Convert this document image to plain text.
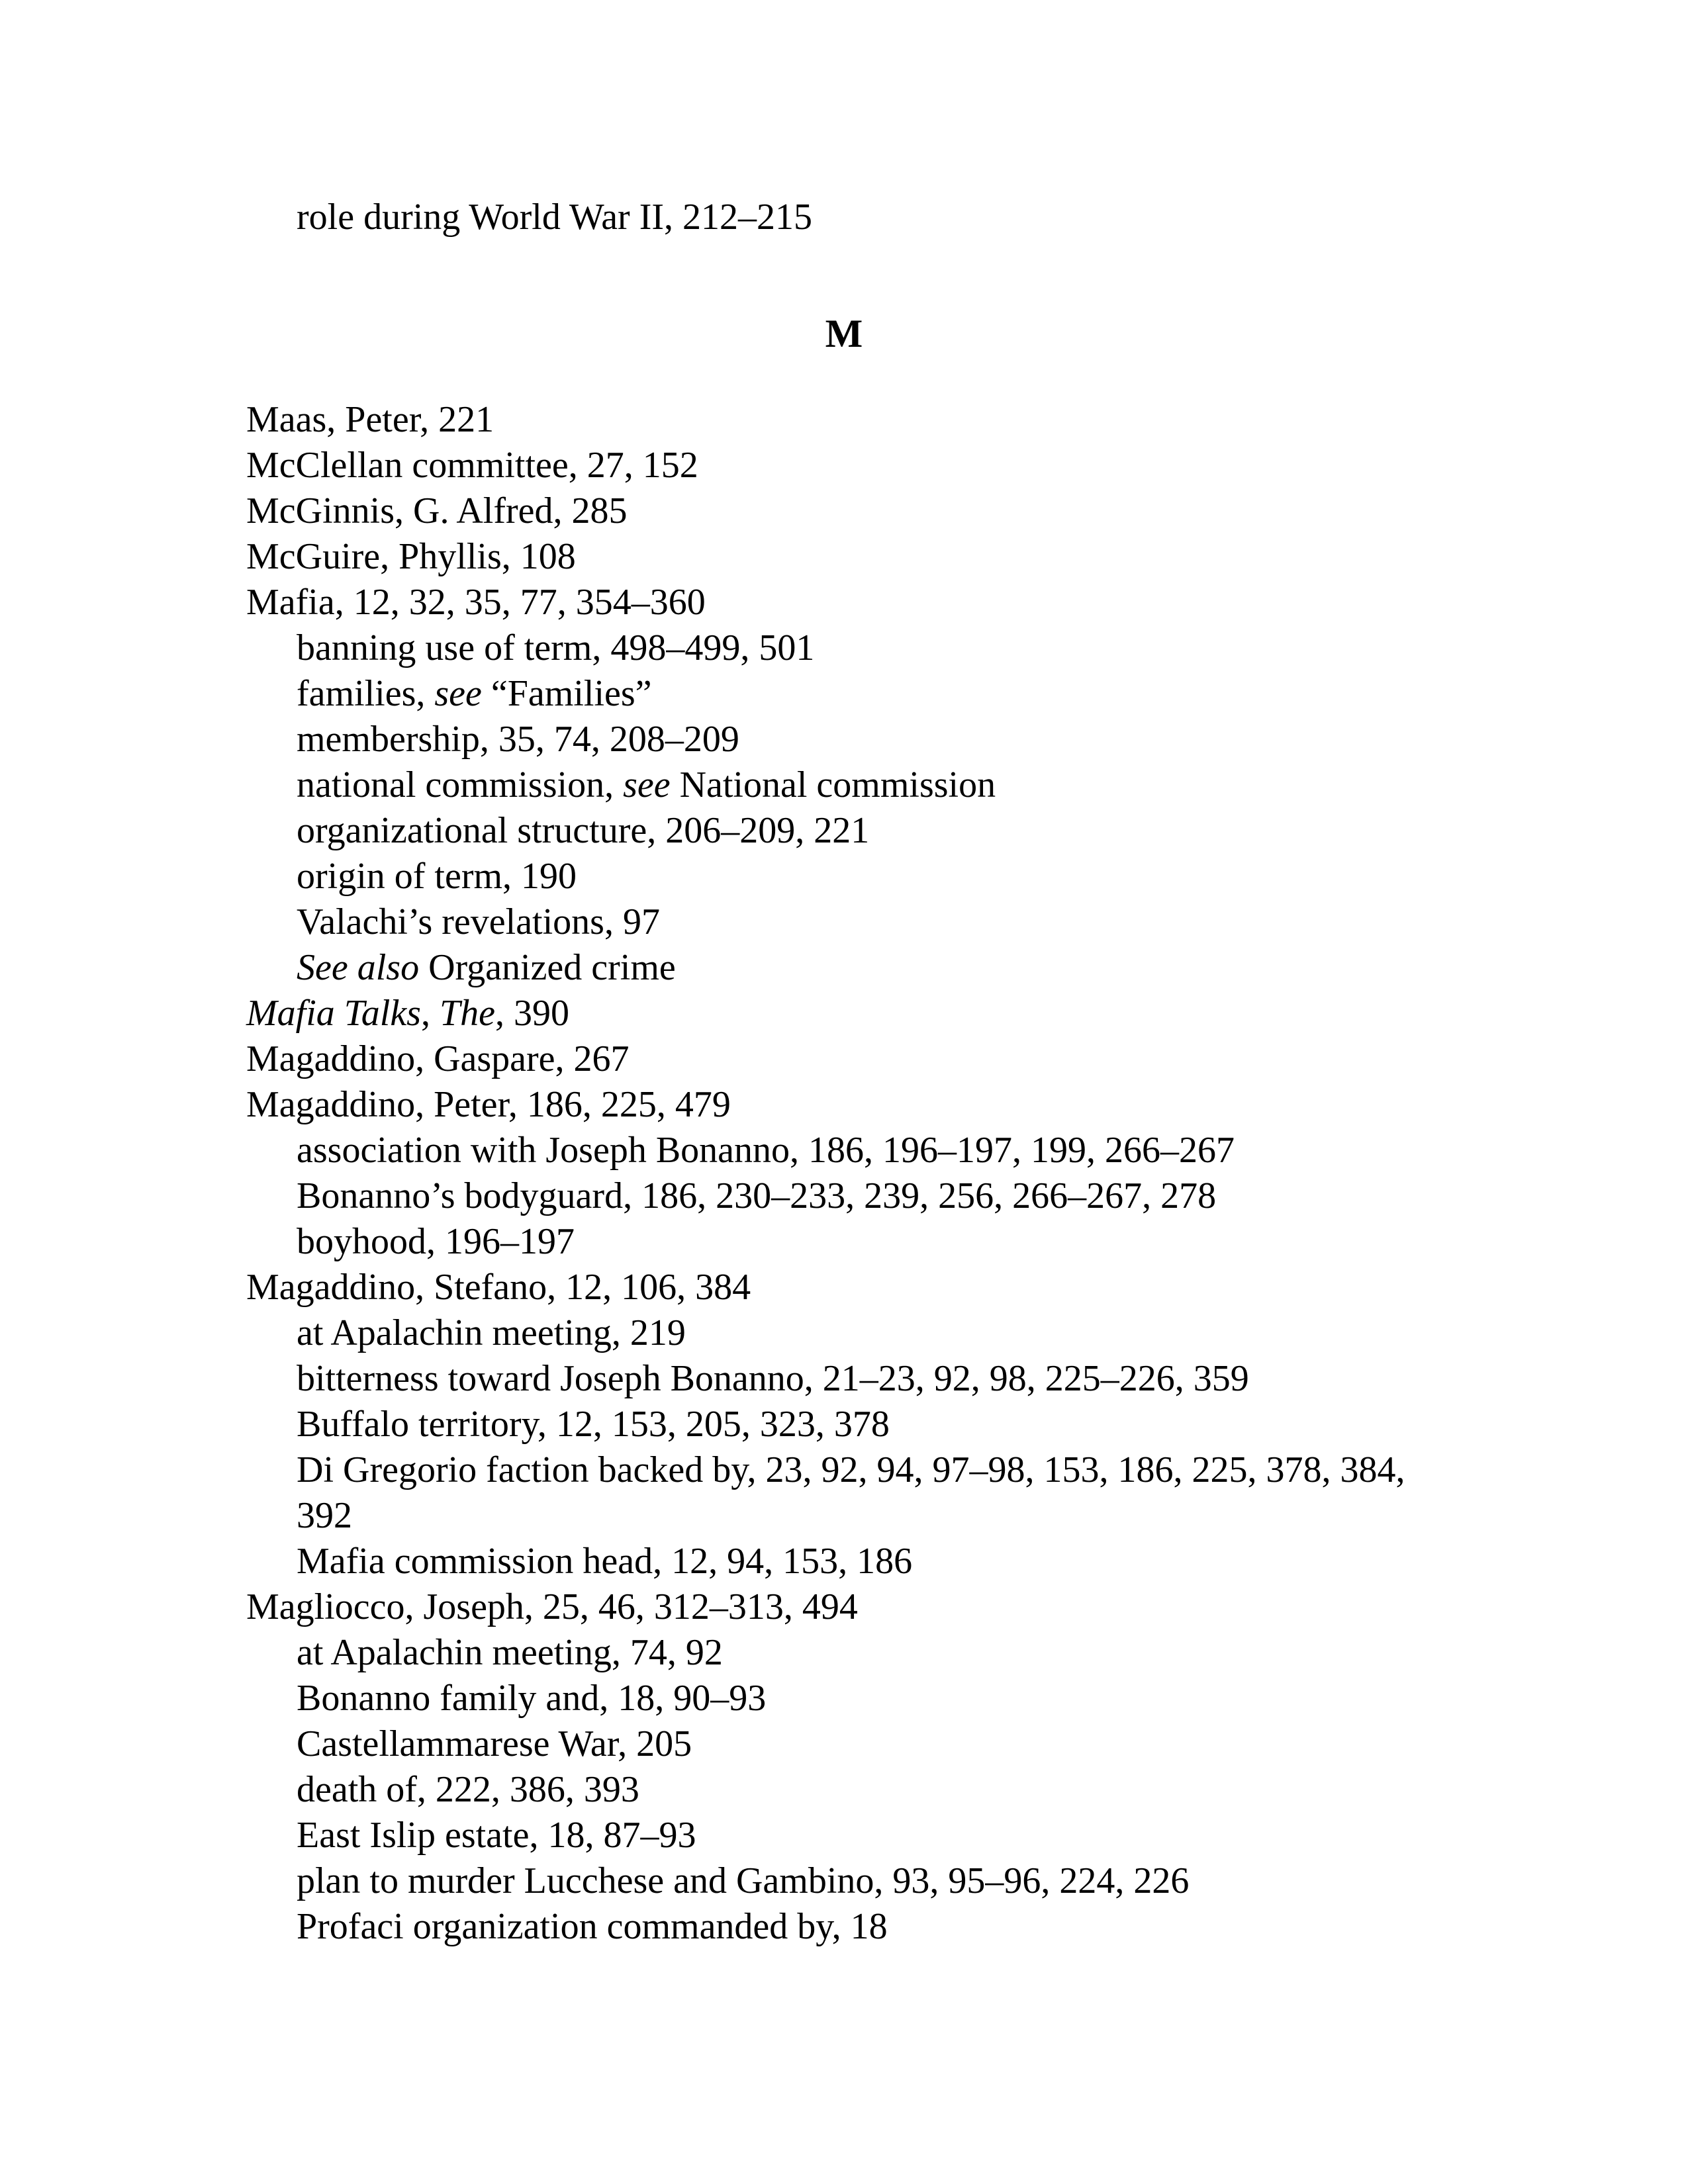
role during World War II, 212–215
M
Maas, Peter, 221
McClellan committee, 27, 152
McGinnis, G. Alfred, 285
McGuire, Phyllis, 108
Mafia, 12, 32, 35, 77, 354–360
banning use of term, 498–499, 501
families, see “Families”
membership, 35, 74, 208–209
national commission, see National commission
organizational structure, 206–209, 221
origin of term, 190
Valachi’s revelations, 97
See also Organized crime
Mafia Talks, The, 390
Magaddino, Gaspare, 267
Magaddino, Peter, 186, 225, 479
association with Joseph Bonanno, 186, 196–197, 199, 266–267
Bonanno’s bodyguard, 186, 230–233, 239, 256, 266–267, 278
boyhood, 196–197
Magaddino, Stefano, 12, 106, 384
at Apalachin meeting, 219
bitterness toward Joseph Bonanno, 21–23, 92, 98, 225–226, 359
Buffalo territory, 12, 153, 205, 323, 378
Di Gregorio faction backed by, 23, 92, 94, 97–98, 153, 186, 225, 378, 384,
392
Mafia commission head, 12, 94, 153, 186
Magliocco, Joseph, 25, 46, 312–313, 494
at Apalachin meeting, 74, 92
Bonanno family and, 18, 90–93
Castellammarese War, 205
death of, 222, 386, 393
East Islip estate, 18, 87–93
plan to murder Lucchese and Gambino, 93, 95–96, 224, 226
Profaci organization commanded by, 18
